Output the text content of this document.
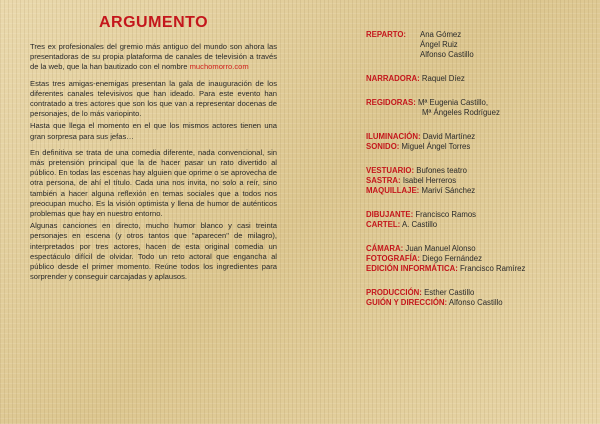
ARGUMENTO

Tres ex profesionales del gremio más antiguo del mundo son ahora las presentadoras de su propia plataforma de canales de televisión a través de la web, que la han bautizado con el nombre muchomorro.com

Estas tres amigas-enemigas presentan la gala de inauguración de los diferentes canales televisivos que han ideado. Para este evento han contratado a tres actores que son los que van a representar docenas de personajes, de lo más variopinto.

Hasta que llega el momento en el que los mismos actores tienen una gran sorpresa para sus jefas…

En definitiva se trata de una comedia diferente, nada convencional, sin más pretensión principal que la de hacer pasar un rato divertido al público. En todas las escenas hay alguien que oprime o se aprovecha de otra persona, de ahí el título. Cada una nos invita, no solo a reír, sino también a hacer alguna reflexión en temas sociales que a todos nos preocupan mucho. Es la visión optimista y llena de humor de auténticos problemas que hay en nuestro entorno.

Algunas canciones en directo, mucho humor blanco y casi treinta personajes en escena (y otros tantos que "aparecen" de milagro), interpretados por tres actores, hacen de esta original comedia un espectáculo difícil de olvidar. Todo un reto actoral que engancha al público desde el primer momento. Reúne todos los ingredientes para sorprender y conseguir carcajadas y aplausos.

REPARTO:	Ana Gómez
Ángel Ruiz
Alfonso Castillo
NARRADORA: Raquel Díez
REGIDORAS: Mª Eugenia Castillo,
Mª Ángeles Rodríguez
ILUMINACIÓN: David Martínez
SONIDO: Miguel Ángel Torres
VESTUARIO: Bufones teatro
SASTRA: Isabel Herreros
MAQUILLAJE: Mariví Sánchez
DIBUJANTE: Francisco Ramos
CARTEL: A. Castillo
CÁMARA: Juan Manuel Alonso
FOTOGRAFÍA: Diego Fernández
EDICIÓN INFORMÁTICA: Francisco Ramírez
PRODUCCIÓN: Esther Castillo
GUIÓN Y DIRECCIÓN: Alfonso Castillo
